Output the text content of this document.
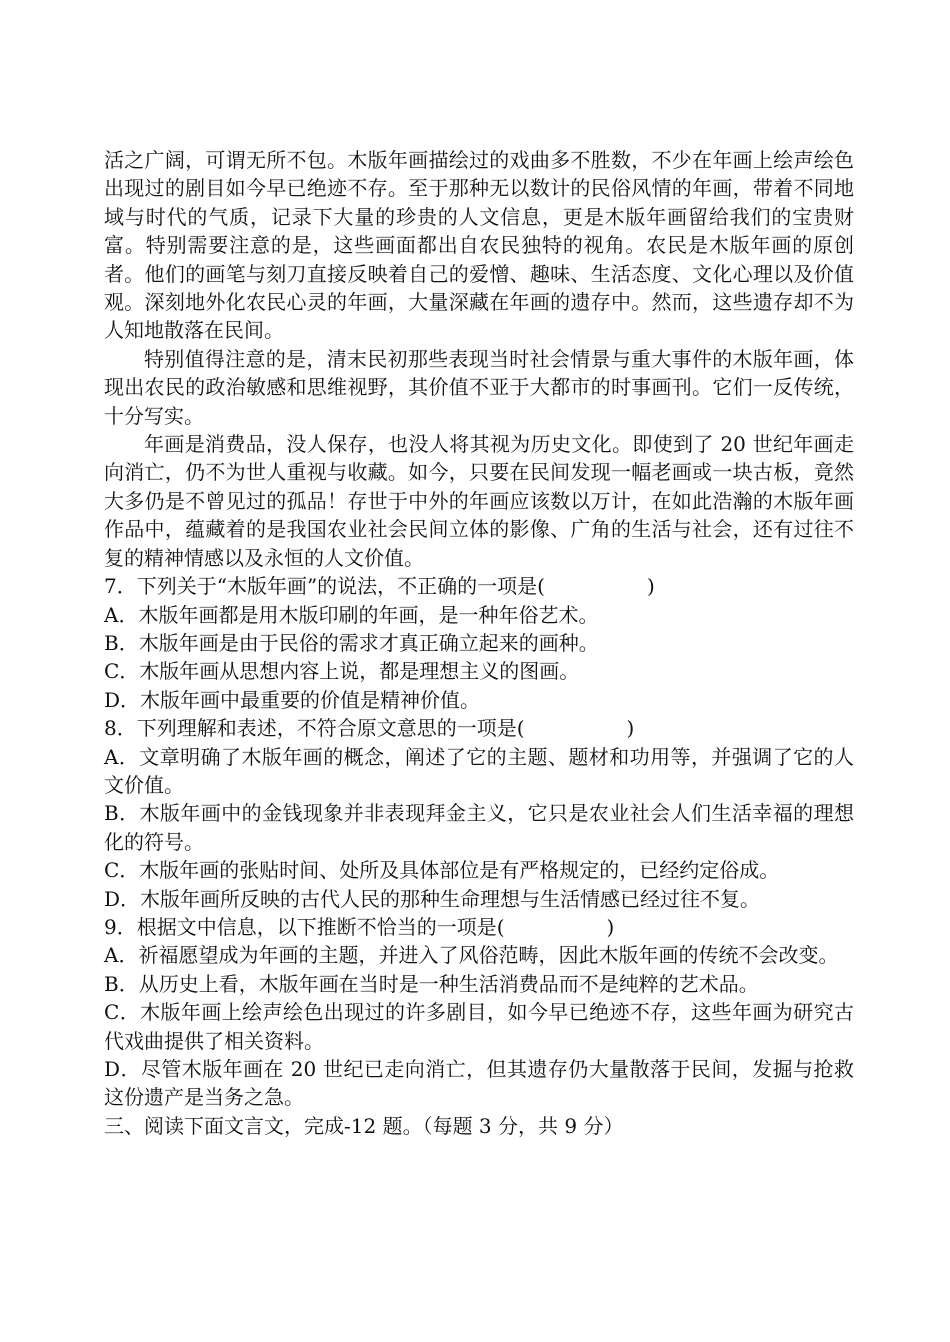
活之广阔，可谓无所不包。木版年画描绘过的戏曲多不胜数，不少在年画上绘声绘色出现过的剧目如今早已绝迹不存。至于那种无以数计的民俗风情的年画，带着不同地域与时代的气质，记录下大量的珍贵的人文信息，更是木版年画留给我们的宝贵财富。特别需要注意的是，这些画面都出自农民独特的视角。农民是木版年画的原创者。他们的画笔与刻刀直接反映着自己的爱憎、趣味、生活态度、文化心理以及价值观。深刻地外化农民心灵的年画，大量深藏在年画的遗存中。然而，这些遗存却不为人知地散落在民间。

特别值得注意的是，清末民初那些表现当时社会情景与重大事件的木版年画，体现出农民的政治敏感和思维视野，其价值不亚于大都市的时事画刊。它们一反传统，十分写实。

年画是消费品，没人保存，也没人将其视为历史文化。即使到了 20 世纪年画走向消亡，仍不为世人重视与收藏。如今，只要在民间发现一幅老画或一块古板，竟然大多仍是不曾见过的孤品！存世于中外的年画应该数以万计，在如此浩瀚的木版年画作品中，蕴藏着的是我国农业社会民间立体的影像、广角的生活与社会，还有过往不复的精神情感以及永恒的人文价值。

7．下列关于“木版年画”的说法，不正确的一项是(	)

A．木版年画都是用木版印刷的年画，是一种年俗艺术。

B．木版年画是由于民俗的需求才真正确立起来的画种。

C．木版年画从思想内容上说，都是理想主义的图画。

D．木版年画中最重要的价值是精神价值。

8．下列理解和表述，不符合原文意思的一项是(	)

A．文章明确了木版年画的概念，阐述了它的主题、题材和功用等，并强调了它的人文价值。

B．木版年画中的金钱现象并非表现拜金主义，它只是农业社会人们生活幸福的理想化的符号。

C．木版年画的张贴时间、处所及具体部位是有严格规定的，已经约定俗成。

D．木版年画所反映的古代人民的那种生命理想与生活情感已经过往不复。

9．根据文中信息，以下推断不恰当的一项是(	)

A．祈福愿望成为年画的主题，并进入了风俗范畴，因此木版年画的传统不会改变。

B．从历史上看，木版年画在当时是一种生活消费品而不是纯粹的艺术品。

C．木版年画上绘声绘色出现过的许多剧目，如今早已绝迹不存，这些年画为研究古代戏曲提供了相关资料。

D．尽管木版年画在 20 世纪已走向消亡，但其遗存仍大量散落于民间，发掘与抢救这份遗产是当务之急。

三、阅读下面文言文，完成-12 题。（每题 3 分，共 9 分）
